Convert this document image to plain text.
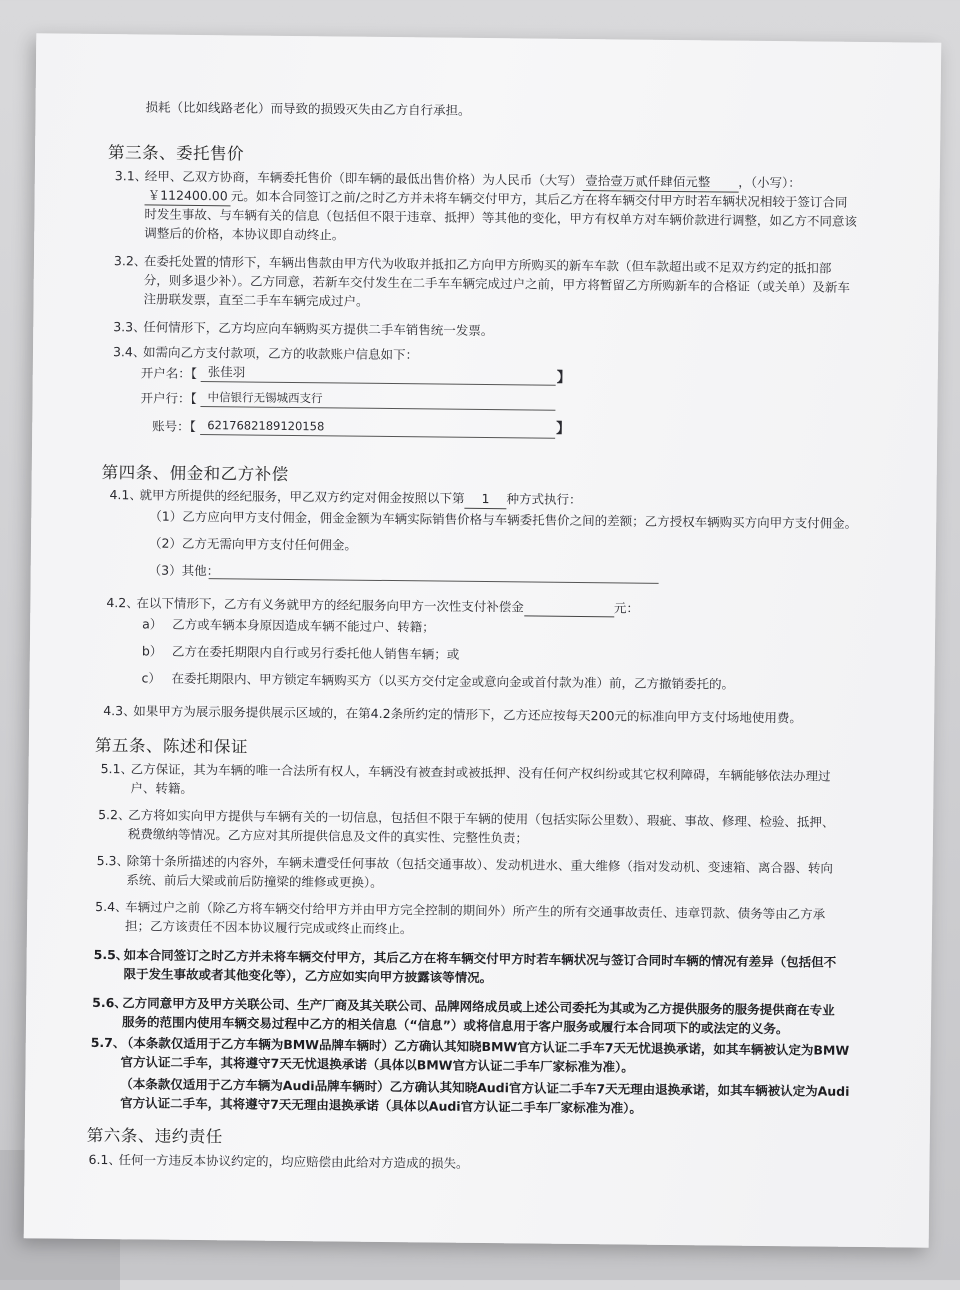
损耗（比如线路老化）而导致的损毁灭失由乙方自行承担。
第三条、委托售价
3.1、
经甲、乙双方协商，车辆委托售价（即车辆的最低出售价格）为人民币（大写） 壹拾壹万贰仟肆佰元整 ，（小写）：
￥112400.00 元。如本合同签订之前/之时乙方并未将车辆交付甲方，其后乙方在将车辆交付甲方时若车辆状况相较于签订合同
时发生事故、与车辆有关的信息（包括但不限于违章、抵押）等其他的变化，甲方有权单方对车辆价款进行调整，如乙方不同意该
调整后的价格，本协议即自动终止。
3.2、
在委托处置的情形下，车辆出售款由甲方代为收取并抵扣乙方向甲方所购买的新车车款（但车款超出或不足双方约定的抵扣部
分，则多退少补）。乙方同意，若新车交付发生在二手车车辆完成过户之前，甲方将暂留乙方所购新车的合格证（或关单）及新车
注册联发票，直至二手车车辆完成过户。
3.3、
任何情形下，乙方均应向车辆购买方提供二手车销售统一发票。
3.4、
如需向乙方支付款项，乙方的收款账户信息如下：
开户名：【 张佳羽	】
开户行：【 中信银行无锡城西支行
账号：【 6217682189120158	】
第四条、佣金和乙方补偿
4.1、
就甲方所提供的经纪服务，甲乙双方约定对佣金按照以下第 1 种方式执行：
（1）乙方应向甲方支付佣金，佣金金额为车辆实际销售价格与车辆委托售价之间的差额；乙方授权车辆购买方向甲方支付佣金。
（2）乙方无需向甲方支付任何佣金。
（3）其他：
4.2、
在以下情形下，乙方有义务就甲方的经纪服务向甲方一次性支付补偿金	元：
a） 乙方或车辆本身原因造成车辆不能过户、转籍；
b） 乙方在委托期限内自行或另行委托他人销售车辆；或
c） 在委托期限内、甲方锁定车辆购买方（以买方交付定金或意向金或首付款为准）前，乙方撤销委托的。
4.3、
如果甲方为展示服务提供展示区域的，在第4.2条所约定的情形下，乙方还应按每天200元的标准向甲方支付场地使用费。
第五条、陈述和保证
5.1、
乙方保证，其为车辆的唯一合法所有权人，车辆没有被查封或被抵押、没有任何产权纠纷或其它权利障碍，车辆能够依法办理过
户、转籍。
5.2、
乙方将如实向甲方提供与车辆有关的一切信息，包括但不限于车辆的使用（包括实际公里数）、瑕疵、事故、修理、检验、抵押、
税费缴纳等情况。乙方应对其所提供信息及文件的真实性、完整性负责；
5.3、
除第十条所描述的内容外，车辆未遭受任何事故（包括交通事故）、发动机进水、重大维修（指对发动机、变速箱、离合器、转向
系统、前后大梁或前后防撞梁的维修或更换）。
5.4、
车辆过户之前（除乙方将车辆交付给甲方并由甲方完全控制的期间外）所产生的所有交通事故责任、违章罚款、债务等由乙方承
担；乙方该责任不因本协议履行完成或终止而终止。
5.5、
如本合同签订之时乙方并未将车辆交付甲方，其后乙方在将车辆交付甲方时若车辆状况与签订合同时车辆的情况有差异（包括但不
限于发生事故或者其他变化等），乙方应如实向甲方披露该等情况。
5.6、
乙方同意甲方及甲方关联公司、生产厂商及其关联公司、品牌网络成员或上述公司委托为其或为乙方提供服务的服务提供商在专业
服务的范围内使用车辆交易过程中乙方的相关信息（“信息”）或将信息用于客户服务或履行本合同项下的或法定的义务。
5.7、
（本条款仅适用于乙方车辆为BMW品牌车辆时）乙方确认其知晓BMW官方认证二手车7天无忧退换承诺，如其车辆被认定为BMW
官方认证二手车，其将遵守7天无忧退换承诺（具体以BMW官方认证二手车厂家标准为准）。
（本条款仅适用于乙方车辆为Audi品牌车辆时）乙方确认其知晓Audi官方认证二手车7天无理由退换承诺，如其车辆被认定为Audi
官方认证二手车，其将遵守7天无理由退换承诺（具体以Audi官方认证二手车厂家标准为准）。
第六条、违约责任
6.1、
任何一方违反本协议约定的，均应赔偿由此给对方造成的损失。
